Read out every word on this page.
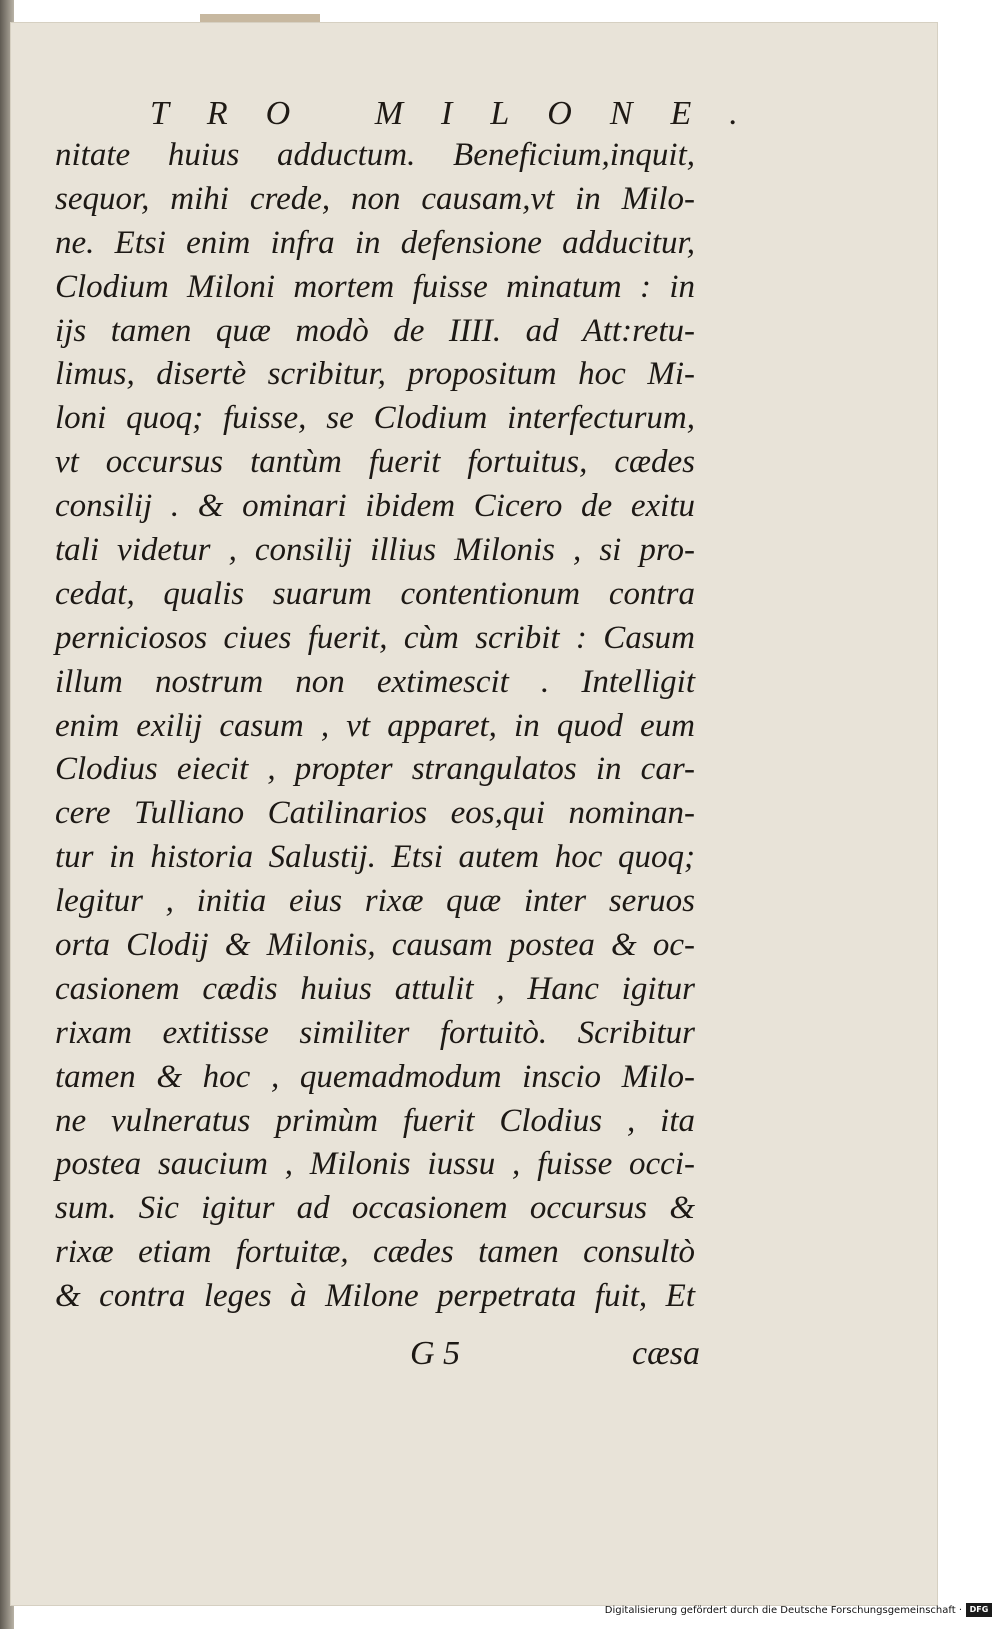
TRO MILONE.
nitate huius adductum. Beneficium,inquit,
sequor, mihi crede, non causam,vt in Milo-
ne. Etsi enim infra in defensione adducitur,
Clodium Miloni mortem fuisse minatum : in
ijs tamen quæ modò de IIII. ad Att:retu-
limus, disertè scribitur, propositum hoc Mi-
loni quoq; fuisse, se Clodium interfecturum,
vt occursus tantùm fuerit fortuitus, cædes
consilij . & ominari ibidem Cicero de exitu
tali videtur , consilij illius Milonis , si pro-
cedat, qualis suarum contentionum contra
perniciosos ciues fuerit, cùm scribit : Casum
illum nostrum non extimescit . Intelligit
enim exilij casum , vt apparet, in quod eum
Clodius eiecit , propter strangulatos in car-
cere Tulliano Catilinarios eos,qui nominan-
tur in historia Salustij. Etsi autem hoc quoq;
legitur , initia eius rixæ quæ inter seruos
orta Clodij & Milonis, causam postea & oc-
casionem cædis huius attulit , Hanc igitur
rixam extitisse similiter fortuitò. Scribitur
tamen & hoc , quemadmodum inscio Milo-
ne vulneratus primùm fuerit Clodius , ita
postea saucium , Milonis iussu , fuisse occi-
sum. Sic igitur ad occasionem occursus &
rixæ etiam fortuitæ, cædes tamen consultò
& contra leges à Milone perpetrata fuit, Et
G 5	cæsa
Digitalisierung gefördert durch die Deutsche Forschungsgemeinschaft · DFG
